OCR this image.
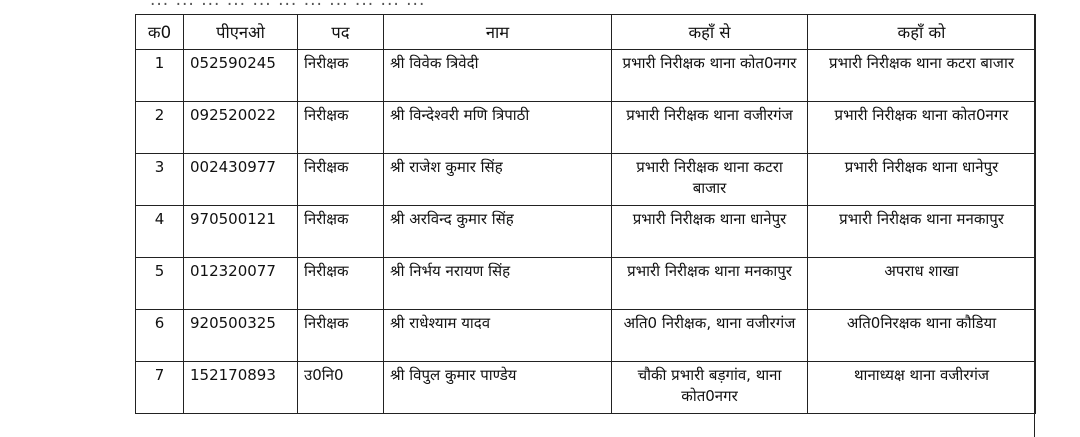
... ... ... ... ... ... ... ... ... ... ...
क0	पीएनओ	पद	नाम	कहाँ से	कहाँ को
1	052590245	निरीक्षक	श्री विवेक त्रिवेदी	प्रभारी निरीक्षक थाना कोत0नगर	प्रभारी निरीक्षक थाना कटरा बाजार
2	092520022	निरीक्षक	श्री विन्देश्वरी मणि त्रिपाठी	प्रभारी निरीक्षक थाना वजीरगंज	प्रभारी निरीक्षक थाना कोत0नगर
3	002430977	निरीक्षक	श्री राजेश कुमार सिंह	प्रभारी निरीक्षक थाना कटरा बाजार	प्रभारी निरीक्षक थाना धानेपुर
4	970500121	निरीक्षक	श्री अरविन्द कुमार सिंह	प्रभारी निरीक्षक थाना धानेपुर	प्रभारी निरीक्षक थाना मनकापुर
5	012320077	निरीक्षक	श्री निर्भय नरायण सिंह	प्रभारी निरीक्षक थाना मनकापुर	अपराध शाखा
6	920500325	निरीक्षक	श्री राधेश्याम यादव	अति0 निरीक्षक, थाना वजीरगंज	अति0निरक्षक थाना कौडिया
7	152170893	उ0नि0	श्री विपुल कुमार पाण्डेय	चौकी प्रभारी बड़गांव, थाना कोत0नगर	थानाध्यक्ष थाना वजीरगंज
